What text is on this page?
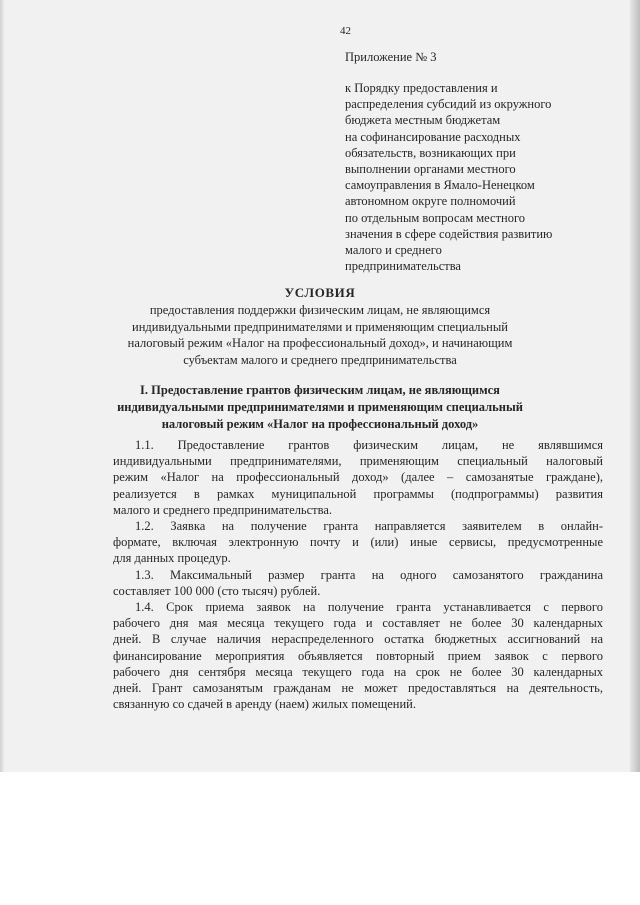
42
Приложение № 3
к Порядку предоставления и
распределения субсидий из окружного
бюджета местным бюджетам
на софинансирование расходных
обязательств, возникающих при
выполнении органами местного
самоуправления в Ямало-Ненецком
автономном округе полномочий
по отдельным вопросам местного
значения в сфере содействия развитию
малого и среднего
предпринимательства
УСЛОВИЯ
предоставления поддержки физическим лицам, не являющимся
индивидуальными предпринимателями и применяющим специальный
налоговый режим «Налог на профессиональный доход», и начинающим
субъектам малого и среднего предпринимательства
I. Предоставление грантов физическим лицам, не являющимся
индивидуальными предпринимателями и применяющим специальный
налоговый режим «Налог на профессиональный доход»
1.1. Предоставление грантов физическим лицам, не являвшимся
индивидуальными предпринимателями, применяющим специальный налоговый
режим «Налог на профессиональный доход» (далее – самозанятые граждане),
реализуется в рамках муниципальной программы (подпрограммы) развития
малого и среднего предпринимательства.
1.2. Заявка на получение гранта направляется заявителем в онлайн-
формате, включая электронную почту и (или) иные сервисы, предусмотренные
для данных процедур.
1.3. Максимальный размер гранта на одного самозанятого гражданина
составляет 100 000 (сто тысяч) рублей.
1.4. Срок приема заявок на получение гранта устанавливается с первого
рабочего дня мая месяца текущего года и составляет не более 30 календарных
дней. В случае наличия нераспределенного остатка бюджетных ассигнований на
финансирование мероприятия объявляется повторный прием заявок с первого
рабочего дня сентября месяца текущего года на срок не более 30 календарных
дней. Грант самозанятым гражданам не может предоставляться на деятельность,
связанную со сдачей в аренду (наем) жилых помещений.
